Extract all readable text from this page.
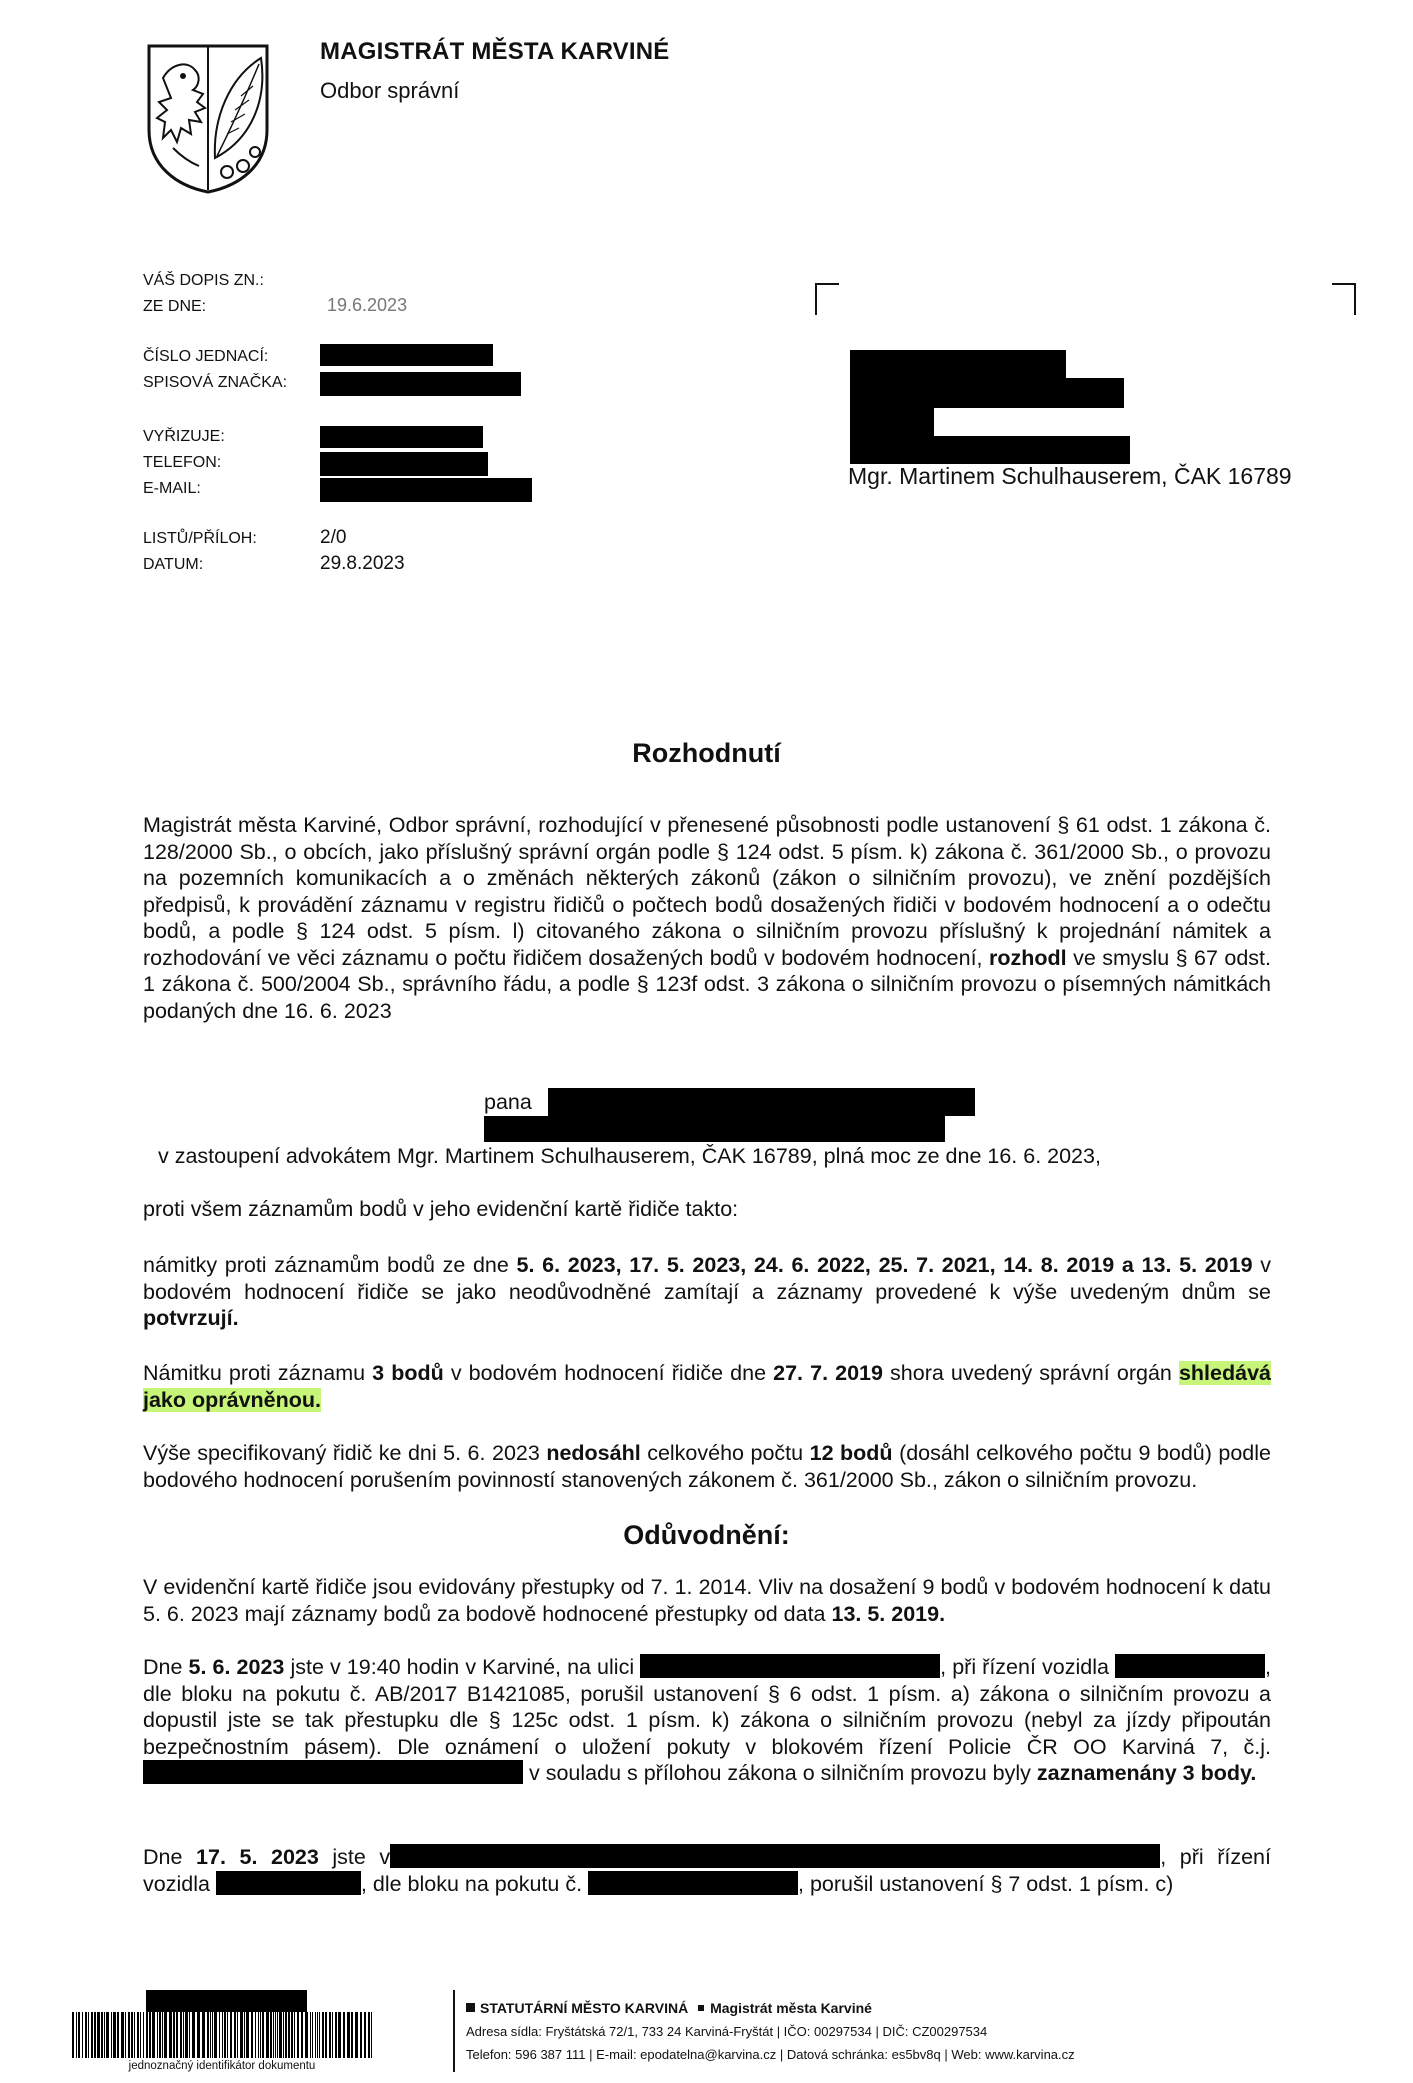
MAGISTRÁT MĚSTA KARVINÉ
Odbor správní
VÁŠ DOPIS ZN.:
ZE DNE:	19.6.2023
ČÍSLO JEDNACÍ:
SPISOVÁ ZNAČKA:
VYŘIZUJE:
TELEFON:
E-MAIL:
LISTŮ/PŘÍLOH:	2/0
DATUM:	29.8.2023
Mgr. Martinem Schulhauserem, ČAK 16789
Rozhodnutí
Magistrát města Karviné, Odbor správní, rozhodující v přenesené působnosti podle ustanovení § 61 odst. 1 zákona č. 128/2000 Sb., o obcích, jako příslušný správní orgán podle § 124 odst. 5 písm. k) zákona č. 361/2000 Sb., o provozu na pozemních komunikacích a o změnách některých zákonů (zákon o silničním provozu), ve znění pozdějších předpisů, k provádění záznamu v registru řidičů o počtech bodů dosažených řidiči v bodovém hodnocení a o odečtu bodů, a podle § 124 odst. 5 písm. l) citovaného zákona o silničním provozu příslušný k projednání námitek a rozhodování ve věci záznamu o počtu řidičem dosažených bodů v bodovém hodnocení, rozhodl ve smyslu § 67 odst. 1 zákona č. 500/2004 Sb., správního řádu, a podle § 123f odst. 3 zákona o silničním provozu o písemných námitkách podaných dne 16. 6. 2023
pana
v zastoupení advokátem Mgr. Martinem Schulhauserem, ČAK 16789, plná moc ze dne 16. 6. 2023,
proti všem záznamům bodů v jeho evidenční kartě řidiče takto:
námitky proti záznamům bodů ze dne 5. 6. 2023, 17. 5. 2023, 24. 6. 2022, 25. 7. 2021, 14. 8. 2019 a 13. 5. 2019 v bodovém hodnocení řidiče se jako neodůvodněné zamítají a záznamy provedené k výše uvedeným dnům se potvrzují.
Námitku proti záznamu 3 bodů v bodovém hodnocení řidiče dne 27. 7. 2019 shora uvedený správní orgán shledává jako oprávněnou.
Výše specifikovaný řidič ke dni 5. 6. 2023 nedosáhl celkového počtu 12 bodů (dosáhl celkového počtu 9 bodů) podle bodového hodnocení porušením povinností stanovených zákonem č. 361/2000 Sb., zákon o silničním provozu.
Odůvodnění:
V evidenční kartě řidiče jsou evidovány přestupky od 7. 1. 2014. Vliv na dosažení 9 bodů v bodovém hodnocení k datu 5. 6. 2023 mají záznamy bodů za bodově hodnocené přestupky od data 13. 5. 2019.
Dne 5. 6. 2023 jste v 19:40 hodin v Karviné, na ulici	, při řízení vozidla	, dle bloku na pokutu č. AB/2017 B1421085, porušil ustanovení § 6 odst. 1 písm. a) zákona o silničním provozu a dopustil jste se tak přestupku dle § 125c odst. 1 písm. k) zákona o silničním provozu (nebyl za jízdy připoután bezpečnostním pásem). Dle oznámení o uložení pokuty v blokovém řízení Policie ČR OO Karviná 7, č.j.  v souladu s přílohou zákona o silničním provozu byly zaznamenány 3 body.
Dne 17. 5. 2023 jste v	, při řízení vozidla	, dle bloku na pokutu č.	, porušil ustanovení § 7 odst. 1 písm. c)
jednoznačný identifikátor dokumentu
STATUTÁRNÍ MĚSTO KARVINÁ Magistrát města Karviné
Adresa sídla: Fryštátská 72/1, 733 24 Karviná-Fryštát | IČO: 00297534 | DIČ: CZ00297534
Telefon: 596 387 111 | E-mail: epodatelna@karvina.cz | Datová schránka: es5bv8q | Web: www.karvina.cz
